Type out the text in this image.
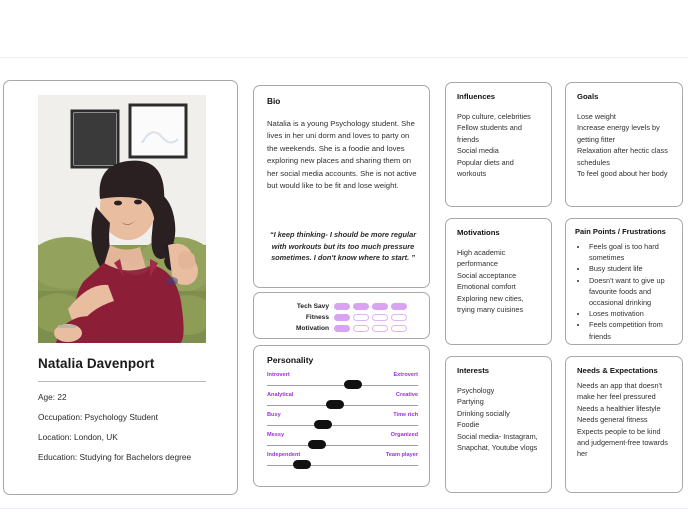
Natalia Davenport
Age: 22
Occupation: Psychology Student
Location: London, UK
Education: Studying for Bachelors degree
Bio
Natalia is a young Psychology student. She lives in her uni dorm and loves to party on the weekends. She is a foodie and loves exploring new places and sharing them on her social media accounts. She is not active but would like to be fit and lose weight.
“I keep thinking- I should be more regular with workouts but its too much pressure sometimes. I don't know where to start. ”
Tech Savy
Fitness
Motivation
Personality
Introvert	Extrovert
Analytical	Creative
Busy	Time rich
Messy	Organized
Independent	Team player
Influences
Pop culture, celebrities
Fellow students and friends
Social media
Popular diets and workouts
Goals
Lose weight
Increase energy levels by getting fitter
Relaxation after hectic class schedules
To feel good about her body
Motivations
High academic performance
Social acceptance
Emotional comfort
Exploring new cities, trying many cuisines
Pain Points / Frustrations
• Feels goal is too hard sometimes
• Busy student life
• Doesn't want to give up favourite foods and occasional drinking
• Loses motivation
• Feels competition from friends
Interests
Psychology
Partying
Drinking socially
Foodie
Social media- Instagram, Snapchat, Youtube vlogs
Needs & Expectations
Needs an app that doesn't make her feel pressured
Needs a healthier lifestyle
Needs general fitness
Expects people to be kind and judgement-free towards her
